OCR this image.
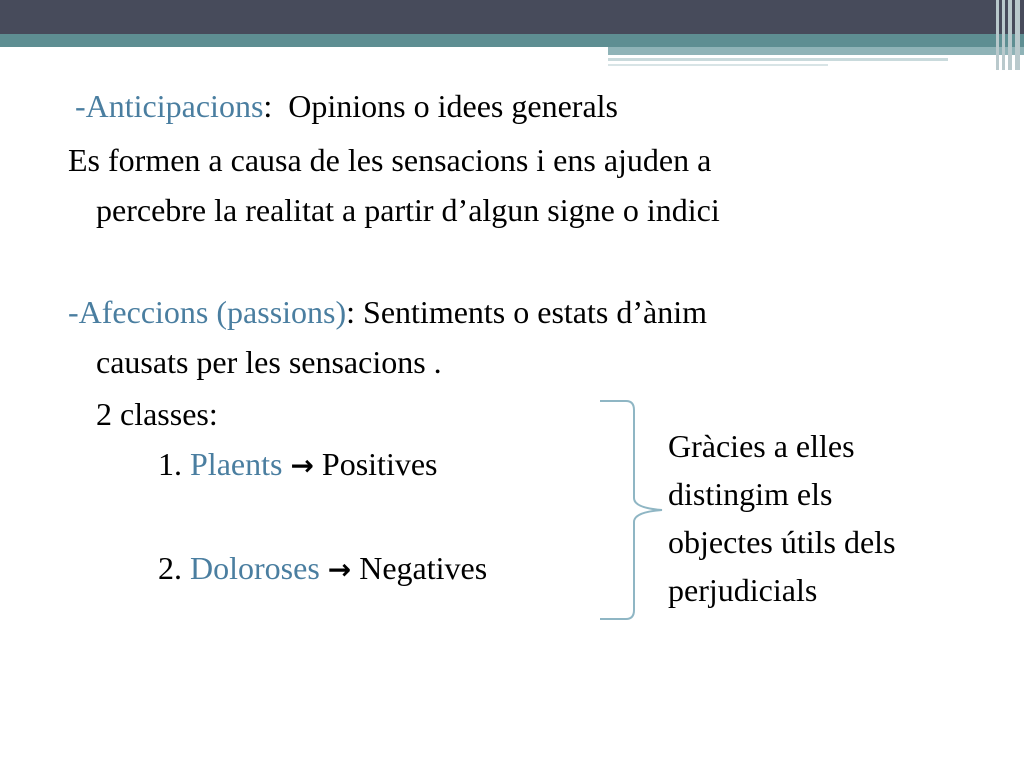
-Anticipacions: Opinions o idees generals
Es formen a causa de les sensacions i ens ajuden a
percebre la realitat a partir d’algun signe o indici
-Afeccions (passions): Sentiments o estats d’ànim
causats per les sensacions .
2 classes:
1. Plaents → Positives
2. Doloroses → Negatives
Gràcies a elles
distingim els
objectes útils dels
perjudicials
